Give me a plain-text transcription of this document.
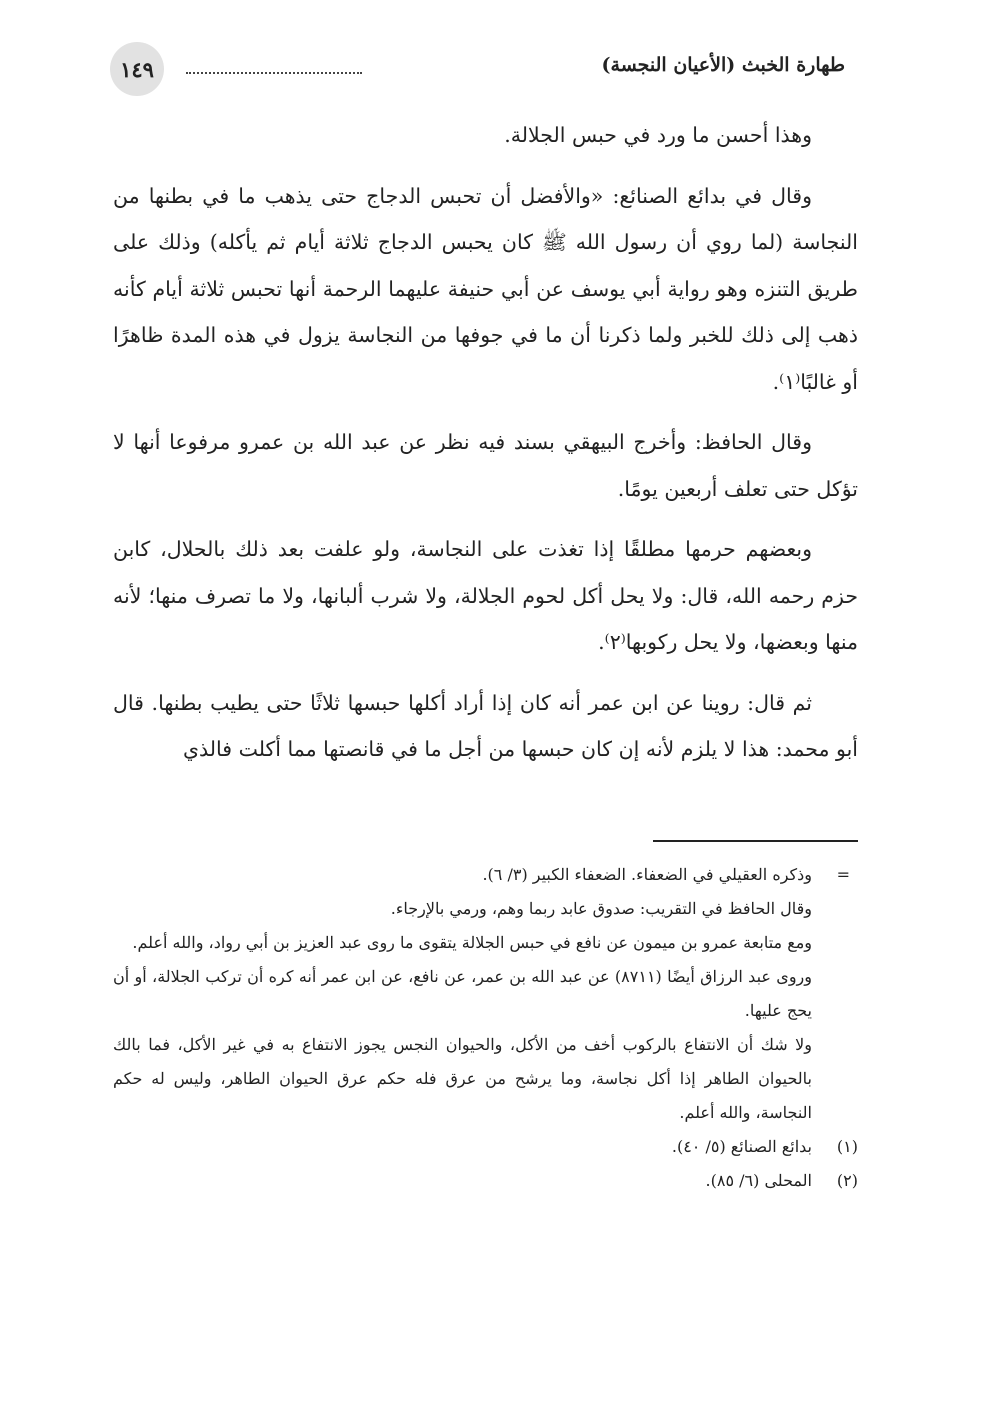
١٤٩	طهارة الخبث (الأعيان النجسة)

وهذا أحسن ما ورد في حبس الجلالة.

وقال في بدائع الصنائع: «والأفضل أن تحبس الدجاج حتى يذهب ما في بطنها من النجاسة (لما روي أن رسول الله ﷺ كان يحبس الدجاج ثلاثة أيام ثم يأكله) وذلك على طريق التنزه وهو رواية أبي يوسف عن أبي حنيفة عليهما الرحمة أنها تحبس ثلاثة أيام كأنه ذهب إلى ذلك للخبر ولما ذكرنا أن ما في جوفها من النجاسة يزول في هذه المدة ظاهرًا أو غالبًا⁽١⁾.

وقال الحافظ: وأخرج البيهقي بسند فيه نظر عن عبد الله بن عمرو مرفوعا أنها لا تؤكل حتى تعلف أربعين يومًا.

وبعضهم حرمها مطلقًا إذا تغذت على النجاسة، ولو علفت بعد ذلك بالحلال، كابن حزم رحمه الله، قال: ولا يحل أكل لحوم الجلالة، ولا شرب ألبانها، ولا ما تصرف منها؛ لأنه منها وبعضها، ولا يحل ركوبها⁽٢⁾.

ثم قال: روينا عن ابن عمر أنه كان إذا أراد أكلها حبسها ثلاثًا حتى يطيب بطنها. قال أبو محمد: هذا لا يلزم لأنه إن كان حبسها من أجل ما في قانصتها مما أكلت فالذي

=
وذكره العقيلي في الضعفاء. الضعفاء الكبير (٣/ ٦).

وقال الحافظ في التقريب: صدوق عابد ربما وهم، ورمي بالإرجاء.

ومع متابعة عمرو بن ميمون عن نافع في حبس الجلالة يتقوى ما روى عبد العزيز بن أبي رواد، والله أعلم.

وروى عبد الرزاق أيضًا (٨٧١١) عن عبد الله بن عمر، عن نافع، عن ابن عمر أنه كره أن تركب الجلالة، أو أن يحج عليها.

ولا شك أن الانتفاع بالركوب أخف من الأكل، والحيوان النجس يجوز الانتفاع به في غير الأكل، فما بالك بالحيوان الطاهر إذا أكل نجاسة، وما يرشح من عرق فله حكم عرق الحيوان الطاهر، وليس له حكم النجاسة، والله أعلم.

(١)
بدائع الصنائع (٥/ ٤٠).
(٢)
المحلى (٦/ ٨٥).
